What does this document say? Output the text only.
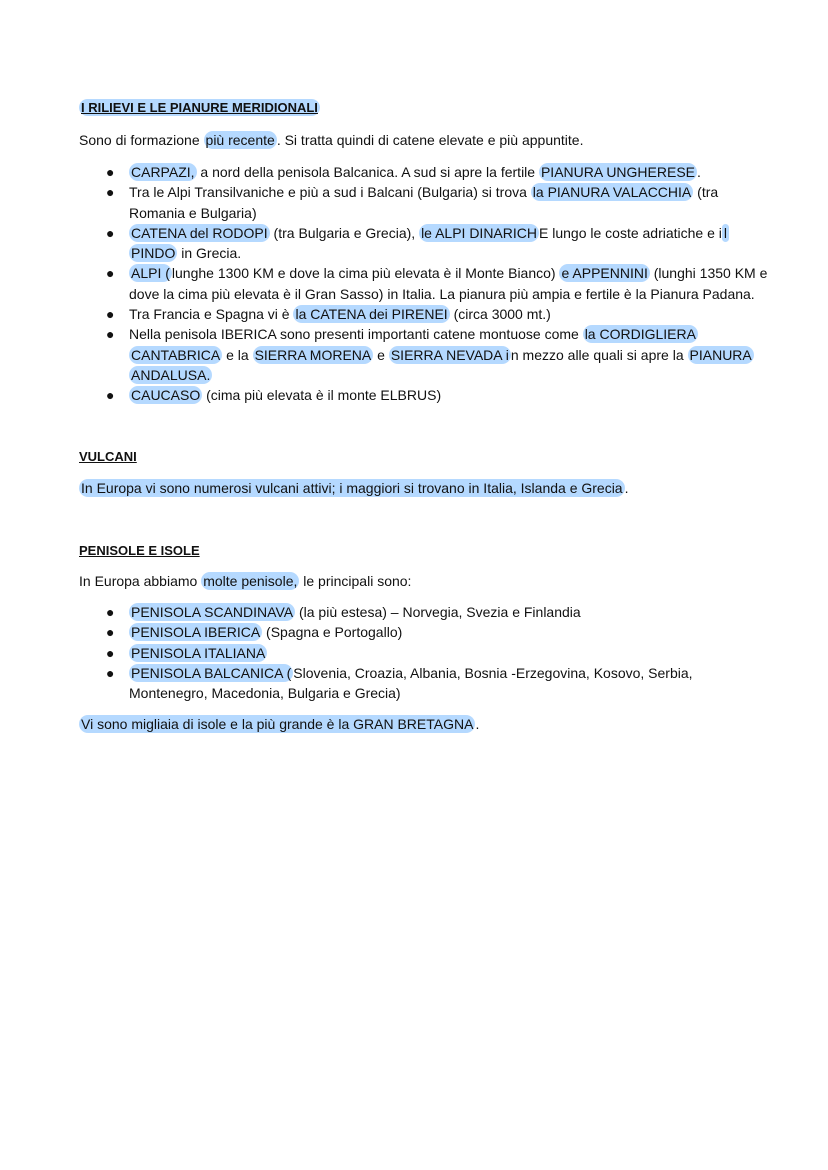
I RILIEVI E LE PIANURE MERIDIONALI

Sono di formazione più recente . Si tratta quindi di catene elevate e più appuntite.

● CARPAZI, a nord della penisola Balcanica. A sud si apre la fertile PIANURA UNGHERESE .
● Tra le Alpi Transilvaniche e più a sud i Balcani (Bulgaria) si trova la PIANURA VALACCHIA (tra Romania e Bulgaria)
● CATENA del RODOPI (tra Bulgaria e Grecia), le ALPI DINARICH E lungo le coste adriatiche e i l PINDO in Grecia.
● ALPI ( lunghe 1300 KM e dove la cima più elevata è il Monte Bianco) e APPENNINI (lunghi 1350 KM e dove la cima più elevata è il Gran Sasso) in Italia. La pianura più ampia e fertile è la Pianura Padana.
● Tra Francia e Spagna vi è la CATENA dei PIRENEI (circa 3000 mt.)
● Nella penisola IBERICA sono presenti importanti catene montuose come la CORDIGLIERA CANTABRICA e la SIERRA MORENA e SIERRA NEVADA i n mezzo alle quali si apre la PIANURA ANDALUSA.
● CAUCASO (cima più elevata è il monte ELBRUS)
VULCANI

In Europa vi sono numerosi vulcani attivi; i maggiori si trovano in Italia, Islanda e Grecia .

PENISOLE E ISOLE

In Europa abbiamo molte penisole, le principali sono:

● PENISOLA SCANDINAVA (la più estesa) – Norvegia, Svezia e Finlandia
● PENISOLA IBERICA (Spagna e Portogallo)
● PENISOLA ITALIANA
● PENISOLA BALCANICA ( Slovenia, Croazia, Albania, Bosnia -Erzegovina, Kosovo, Serbia, Montenegro, Macedonia, Bulgaria e Grecia)

Vi sono migliaia di isole e la più grande è la GRAN BRETAGNA .
